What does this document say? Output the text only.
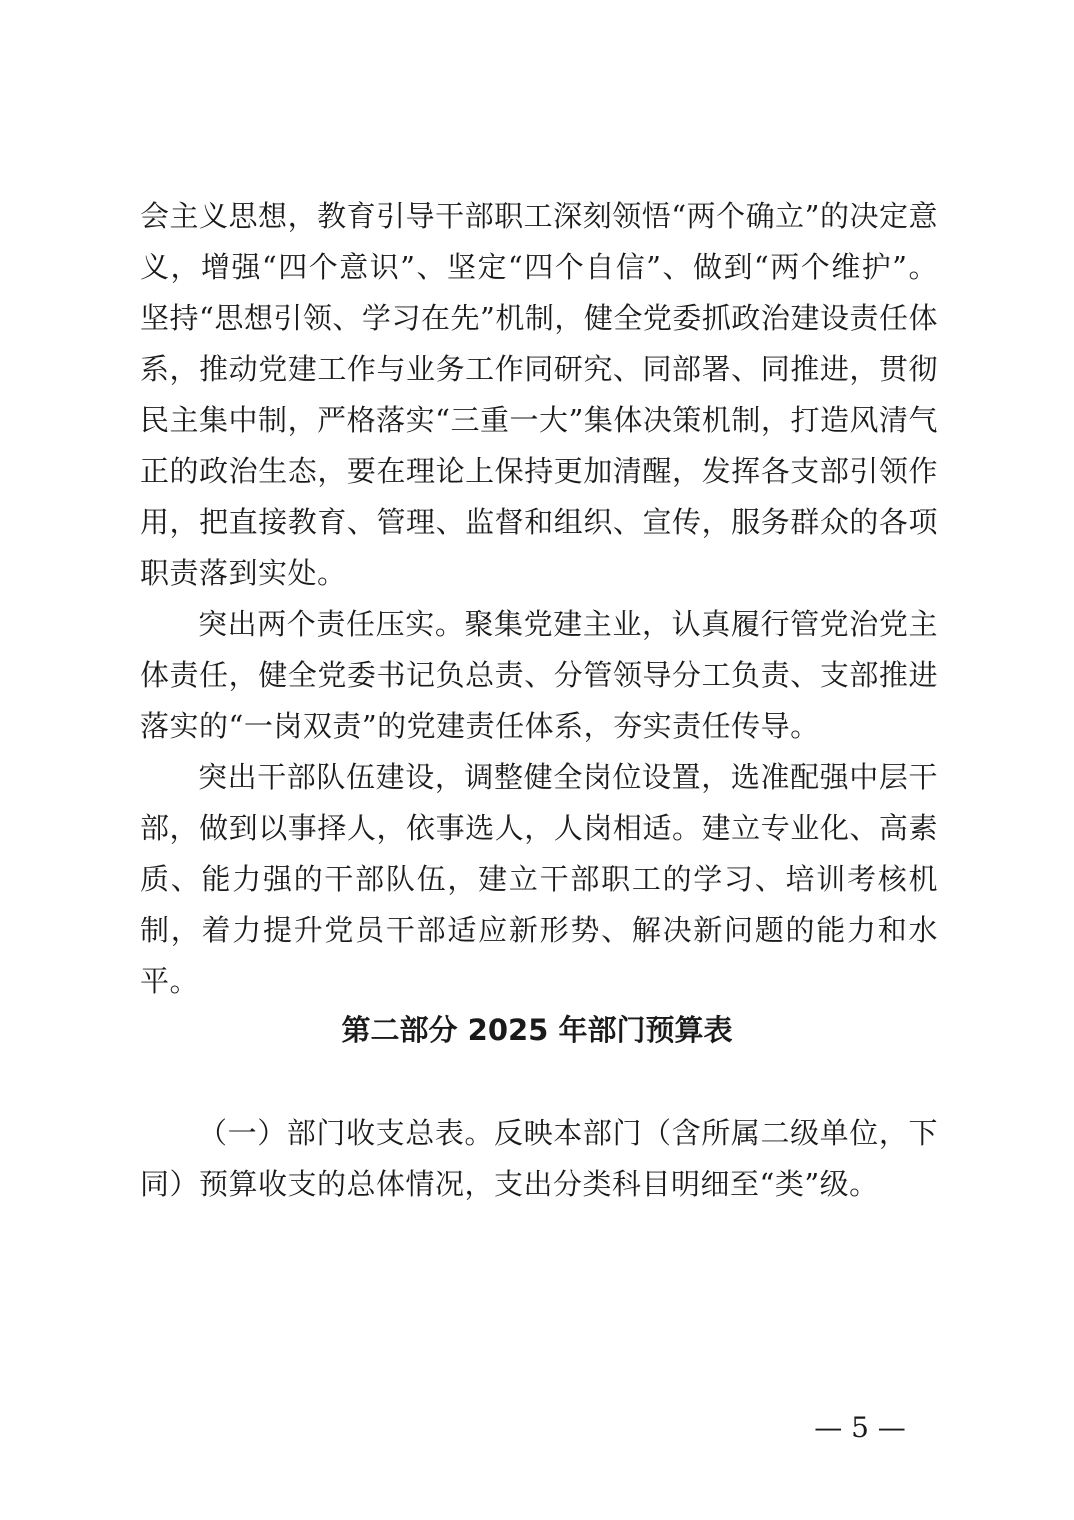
会主义思想，教育引导干部职工深刻领悟“两个确立”的决定意义，增强“四个意识”、坚定“四个自信”、做到“两个维护”。坚持“思想引领、学习在先”机制，健全党委抓政治建设责任体系，推动党建工作与业务工作同研究、同部署、同推进，贯彻民主集中制，严格落实“三重一大”集体决策机制，打造风清气正的政治生态，要在理论上保持更加清醒，发挥各支部引领作用，把直接教育、管理、监督和组织、宣传，服务群众的各项职责落到实处。

突出两个责任压实。聚集党建主业，认真履行管党治党主体责任，健全党委书记负总责、分管领导分工负责、支部推进落实的“一岗双责”的党建责任体系，夯实责任传导。

突出干部队伍建设，调整健全岗位设置，选准配强中层干部，做到以事择人，依事选人，人岗相适。建立专业化、高素质、能力强的干部队伍，建立干部职工的学习、培训考核机制，着力提升党员干部适应新形势、解决新问题的能力和水平。

第二部分 2025 年部门预算表

（一）部门收支总表。反映本部门（含所属二级单位，下同）预算收支的总体情况，支出分类科目明细至“类”级。

— 5 —
